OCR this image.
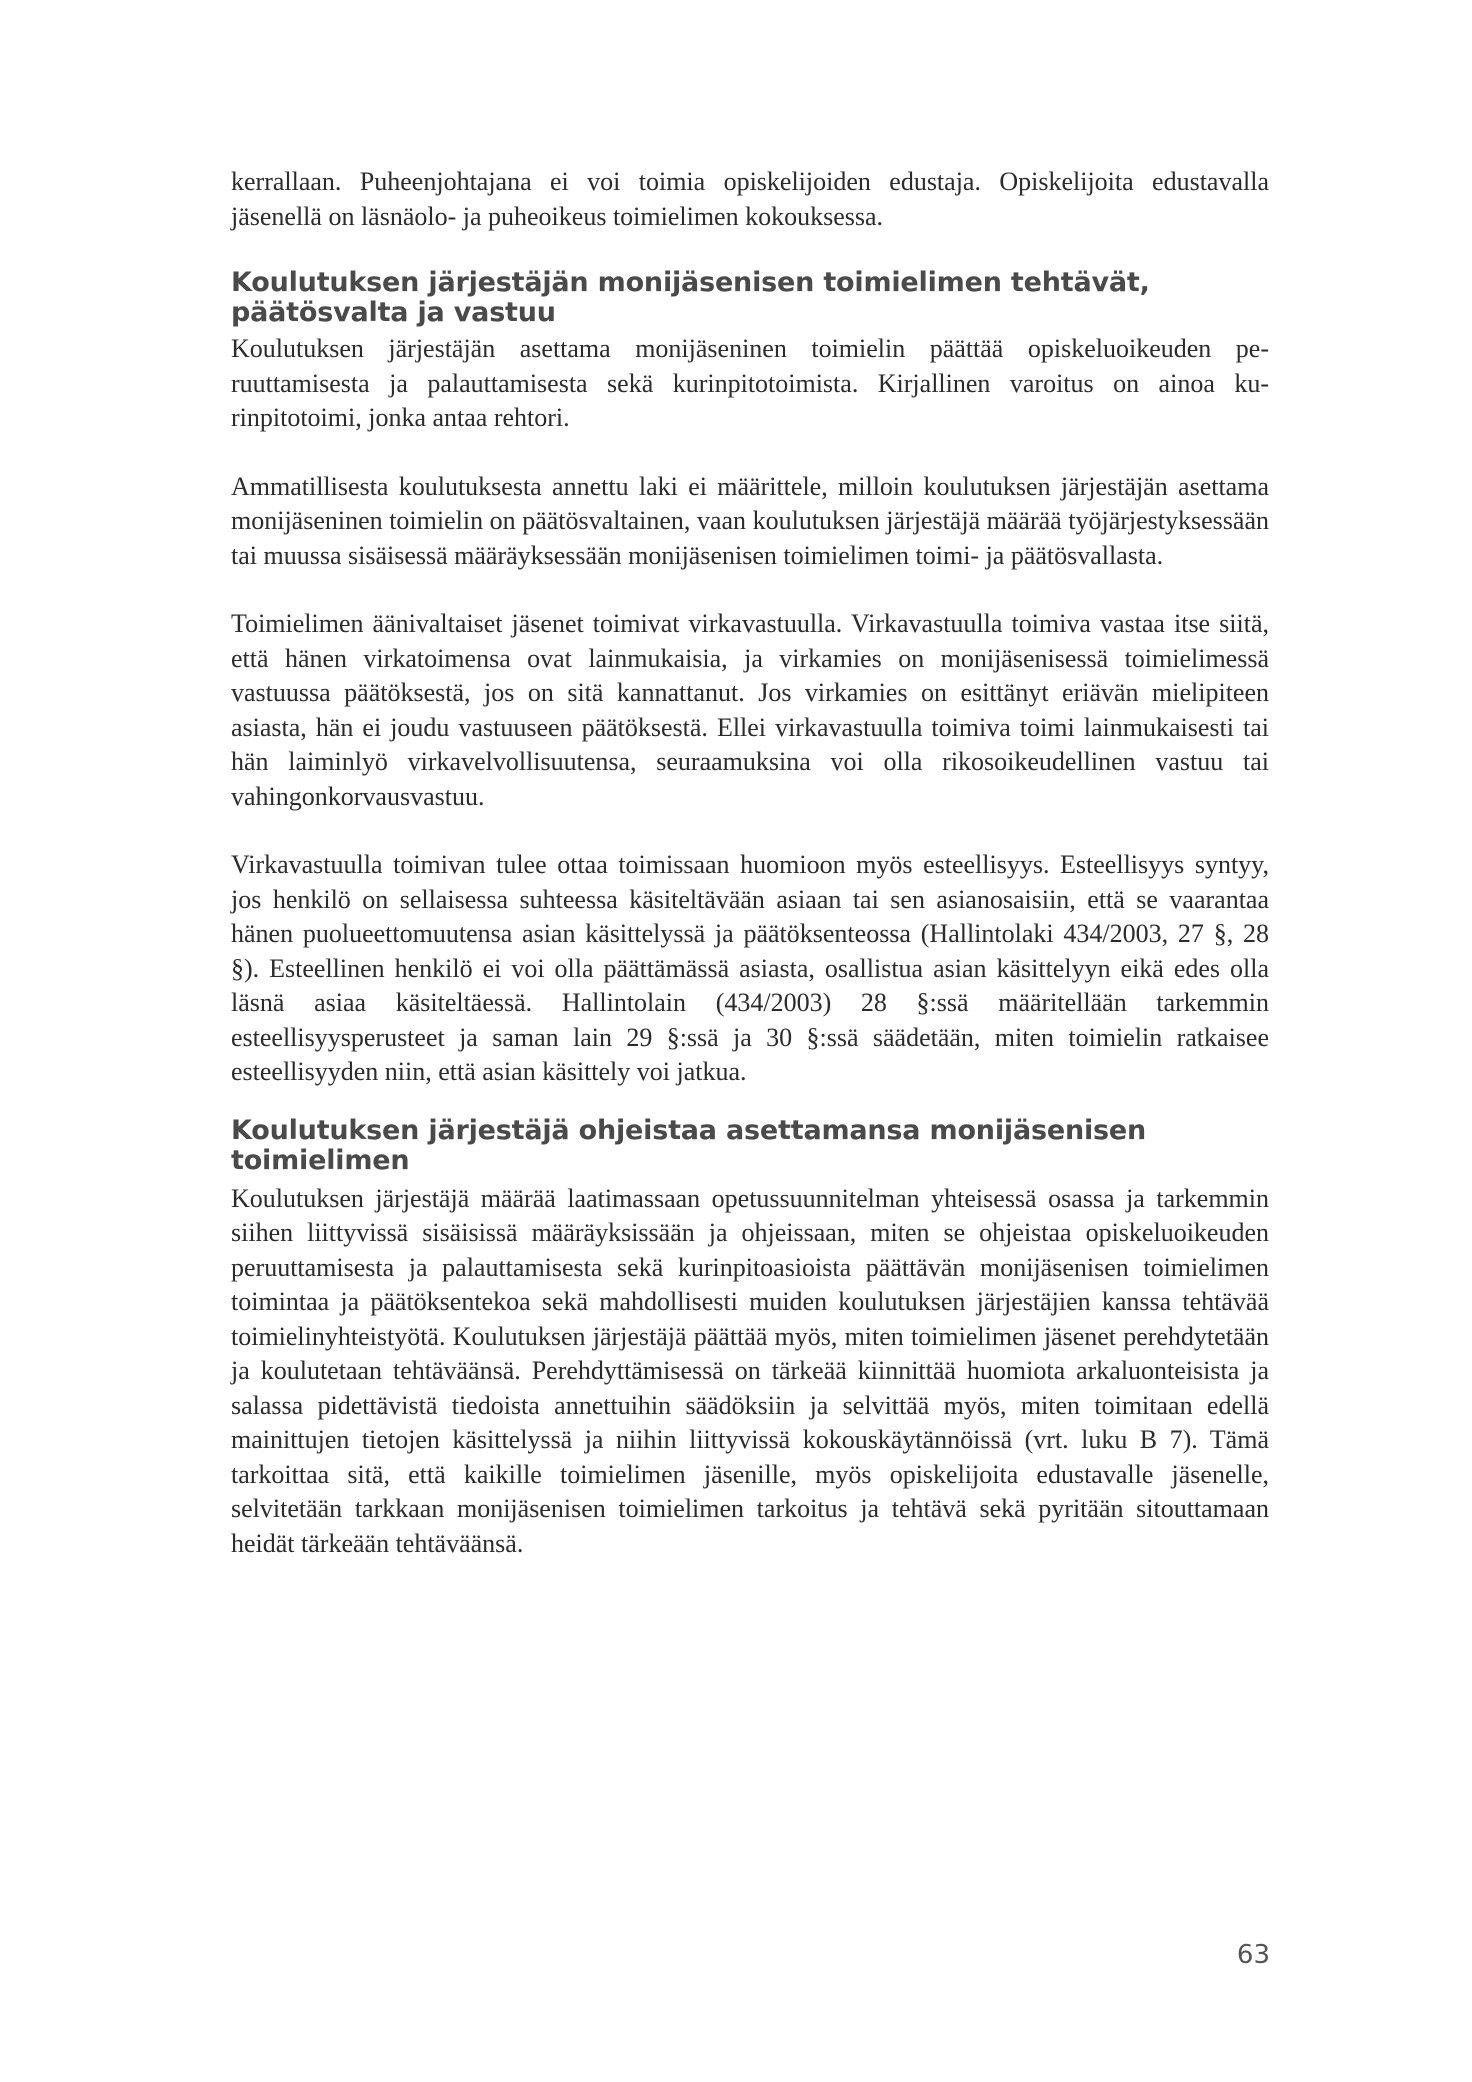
kerrallaan. Puheenjohtajana ei voi toimia opiskelijoiden edustaja. Opiskelijoita edustavalla jäsenellä on läsnäolo- ja puheoikeus toimielimen kokouksessa.

Koulutuksen järjestäjän monijäsenisen toimielimen tehtävät, päätösvalta ja vastuu

Koulutuksen järjestäjän asettama monijäseninen toimielin päättää opiskeluoikeuden peruuttamisesta ja palauttamisesta sekä kurinpitotoimista. Kirjallinen varoitus on ainoa kurinpitotoimi, jonka antaa rehtori.

Ammatillisesta koulutuksesta annettu laki ei määrittele, milloin koulutuksen järjestäjän asettama monijäseninen toimielin on päätösvaltainen, vaan koulutuksen järjestäjä määrää työjärjestyksessään tai muussa sisäisessä määräyksessään monijäsenisen toimielimen toimi- ja päätösvallasta.

Toimielimen äänivaltaiset jäsenet toimivat virkavastuulla. Virkavastuulla toimiva vastaa itse siitä, että hänen virkatoimensa ovat lainmukaisia, ja virkamies on monijäsenisessä toimielimessä vastuussa päätöksestä, jos on sitä kannattanut. Jos virkamies on esittänyt eriävän mielipiteen asiasta, hän ei joudu vastuuseen päätöksestä. Ellei virkavastuulla toimiva toimi lainmukaisesti tai hän laiminlyö virkavelvollisuutensa, seuraamuksina voi olla rikosoikeudellinen vastuu tai vahingonkorvausvastuu.

Virkavastuulla toimivan tulee ottaa toimissaan huomioon myös esteellisyys. Esteellisyys syntyy, jos henkilö on sellaisessa suhteessa käsiteltävään asiaan tai sen asianosaisiin, että se vaarantaa hänen puolueettomuutensa asian käsittelyssä ja päätöksenteossa (Hallintolaki 434/2003, 27 §, 28 §). Esteellinen henkilö ei voi olla päättämässä asiasta, osallistua asian käsittelyyn eikä edes olla läsnä asiaa käsiteltäessä. Hallintolain (434/2003) 28 §:ssä määritellään tarkemmin esteellisyysperusteet ja saman lain 29 §:ssä ja 30 §:ssä säädetään, miten toimielin ratkaisee esteellisyyden niin, että asian käsittely voi jatkua.

Koulutuksen järjestäjä ohjeistaa asettamansa monijäsenisen toimielimen

Koulutuksen järjestäjä määrää laatimassaan opetussuunnitelman yhteisessä osassa ja tarkemmin siihen liittyvissä sisäisissä määräyksissään ja ohjeissaan, miten se ohjeistaa opiskeluoikeuden peruuttamisesta ja palauttamisesta sekä kurinpitoasioista päättävän monijäsenisen toimielimen toimintaa ja päätöksentekoa sekä mahdollisesti muiden koulutuksen järjestäjien kanssa tehtävää toimielinyhteistyötä. Koulutuksen järjestäjä päättää myös, miten toimielimen jäsenet perehdytetään ja koulutetaan tehtäväänsä. Perehdyttämisessä on tärkeää kiinnittää huomiota arkaluonteisista ja salassa pidettävistä tiedoista annettuihin säädöksiin ja selvittää myös, miten toimitaan edellä mainittujen tietojen käsittelyssä ja niihin liittyvissä kokouskäytännöissä (vrt. luku B 7). Tämä tarkoittaa sitä, että kaikille toimielimen jäsenille, myös opiskelijoita edustavalle jäsenelle, selvitetään tarkkaan monijäsenisen toimielimen tarkoitus ja tehtävä sekä pyritään sitouttamaan heidät tärkeään tehtäväänsä.

63
